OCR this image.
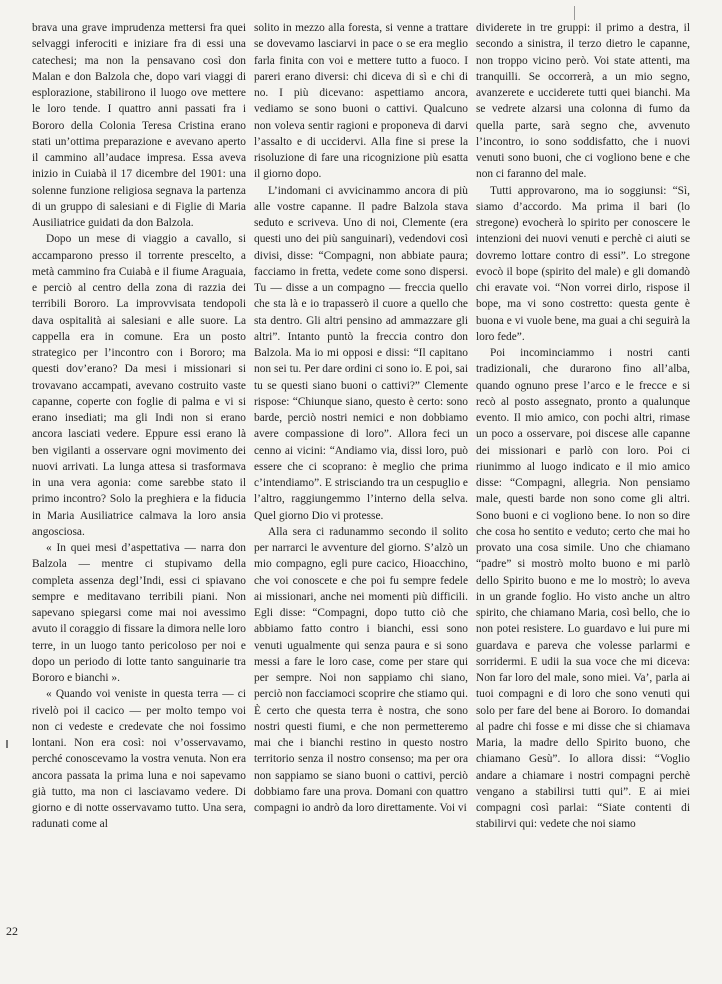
brava una grave imprudenza mettersi fra quei selvaggi inferociti e iniziare fra di essi una catechesi; ma non la pensavano così don Malan e don Balzola che, dopo vari viaggi di esplorazione, stabilirono il luogo ove mettere le loro tende. I quattro anni passati fra i Bororo della Colonia Teresa Cristina erano stati un’ottima preparazione e avevano aperto il cammino all’audace impresa. Essa aveva inizio in Cuiabà il 17 dicembre del 1901: una solenne funzione religiosa segnava la partenza di un gruppo di salesiani e di Figlie di Maria Ausiliatrice guidati da don Balzola.

Dopo un mese di viaggio a cavallo, si accamparono presso il torrente prescelto, a metà cammino fra Cuiabà e il fiume Araguaia, e perciò al centro della zona di razzia dei terribili Bororo. La improvvisata tendopoli dava ospitalità ai salesiani e alle suore. La cappella era in comune. Era un posto strategico per l’incontro con i Bororo; ma questi dov’erano? Da mesi i missionari si trovavano accampati, avevano costruito vaste capanne, coperte con foglie di palma e vi si erano insediati; ma gli Indi non si erano ancora lasciati vedere. Eppure essi erano là ben vigilanti a osservare ogni movimento dei nuovi arrivati. La lunga attesa si trasformava in una vera agonia: come sarebbe stato il primo incontro? Solo la preghiera e la fiducia in Maria Ausiliatrice calmava la loro ansia angosciosa.

« In quei mesi d’aspettativa — narra don Balzola — mentre ci stupivamo della completa assenza degl’Indi, essi ci spiavano sempre e meditavano terribili piani. Non sapevano spiegarsi come mai noi avessimo avuto il coraggio di fissare la dimora nelle loro terre, in un luogo tanto pericoloso per noi e dopo un periodo di lotte tanto sanguinarie tra Bororo e bianchi ».

« Quando voi veniste in questa terra — ci rivelò poi il cacico — per molto tempo voi non ci vedeste e credevate che noi fossimo lontani. Non era così: noi v’osservavamo, perché conoscevamo la vostra venuta. Non era ancora passata la prima luna e noi sapevamo già tutto, ma non ci lasciavamo vedere. Di giorno e di notte osservavamo tutto. Una sera, radunati come al

solito in mezzo alla foresta, si venne a trattare se dovevamo lasciarvi in pace o se era meglio farla finita con voi e mettere tutto a fuoco. I pareri erano diversi: chi diceva di sì e chi di no. I più dicevano: aspettiamo ancora, vediamo se sono buoni o cattivi. Qualcuno non voleva sentir ragioni e proponeva di darvi l’assalto e di uccidervi. Alla fine si prese la risoluzione di fare una ricognizione più esatta il giorno dopo.

L’indomani ci avvicinammo ancora di più alle vostre capanne. Il padre Balzola stava seduto e scriveva. Uno di noi, Clemente (era questi uno dei più sanguinari), vedendovi così divisi, disse: “Compagni, non abbiate paura; facciamo in fretta, vedete come sono dispersi. Tu — disse a un compagno — freccia quello che sta là e io trapasserò il cuore a quello che sta dentro. Gli altri pensino ad ammazzare gli altri”. Intanto puntò la freccia contro don Balzola. Ma io mi opposi e dissi: “Il capitano non sei tu. Per dare ordini ci sono io. E poi, sai tu se questi siano buoni o cattivi?” Clemente rispose: “Chiunque siano, questo è certo: sono barde, perciò nostri nemici e non dobbiamo avere compassione di loro”. Allora feci un cenno ai vicini: “Andiamo via, dissi loro, può essere che ci scoprano: è meglio che prima c’intendiamo”. E strisciando tra un cespuglio e l’altro, raggiungemmo l’interno della selva. Quel giorno Dio vi protesse.

Alla sera ci radunammo secondo il solito per narrarci le avventure del giorno. S’alzò un mio compagno, egli pure cacico, Hioacchino, che voi conoscete e che poi fu sempre fedele ai missionari, anche nei momenti più difficili. Egli disse: “Compagni, dopo tutto ciò che abbiamo fatto contro i bianchi, essi sono venuti ugualmente qui senza paura e si sono messi a fare le loro case, come per stare qui per sempre. Noi non sappiamo chi siano, perciò non facciamoci scoprire che stiamo qui. È certo che questa terra è nostra, che sono nostri questi fiumi, e che non permetteremo mai che i bianchi restino in questo nostro territorio senza il nostro consenso; ma per ora non sappiamo se siano buoni o cattivi, perciò dobbiamo fare una prova. Domani con quattro compagni io andrò da loro direttamente. Voi vi

dividerete in tre gruppi: il primo a destra, il secondo a sinistra, il terzo dietro le capanne, non troppo vicino però. Voi state attenti, ma tranquilli. Se occorrerà, a un mio segno, avanzerete e ucciderete tutti quei bianchi. Ma se vedrete alzarsi una colonna di fumo da quella parte, sarà segno che, avvenuto l’incontro, io sono soddisfatto, che i nuovi venuti sono buoni, che ci vogliono bene e che non ci faranno del male.

Tutti approvarono, ma io soggiunsi: “Sì, siamo d’accordo. Ma prima il bari (lo stregone) evocherà lo spirito per conoscere le intenzioni dei nuovi venuti e perchè ci aiuti se dovremo lottare contro di essi”. Lo stregone evocò il bope (spirito del male) e gli domandò chi eravate voi. “Non vorrei dirlo, rispose il bope, ma vi sono costretto: questa gente è buona e vi vuole bene, ma guai a chi seguirà la loro fede”.

Poi incominciammo i nostri canti tradizionali, che durarono fino all’alba, quando ognuno prese l’arco e le frecce e si recò al posto assegnato, pronto a qualunque evento. Il mio amico, con pochi altri, rimase un poco a osservare, poi discese alle capanne dei missionari e parlò con loro. Poi ci riunimmo al luogo indicato e il mio amico disse: “Compagni, allegria. Non pensiamo male, questi barde non sono come gli altri. Sono buoni e ci vogliono bene. Io non so dire che cosa ho sentito e veduto; certo che mai ho provato una cosa simile. Uno che chiamano “padre” si mostrò molto buono e mi parlò dello Spirito buono e me lo mostrò; lo aveva in un grande foglio. Ho visto anche un altro spirito, che chiamano Maria, così bello, che io non potei resistere. Lo guardavo e lui pure mi guardava e pareva che volesse parlarmi e sorridermi. E udii la sua voce che mi diceva: Non far loro del male, sono miei. Va’, parla ai tuoi compagni e di loro che sono venuti qui solo per fare del bene ai Bororo. Io domandai al padre chi fosse e mi disse che si chiamava Maria, la madre dello Spirito buono, che chiamano Gesù”. Io allora dissi: “Voglio andare a chiamare i nostri compagni perchè vengano a stabilirsi tutti qui”. E ai miei compagni così parlai: “Siate contenti di stabilirvi qui: vedete che noi siamo

22
